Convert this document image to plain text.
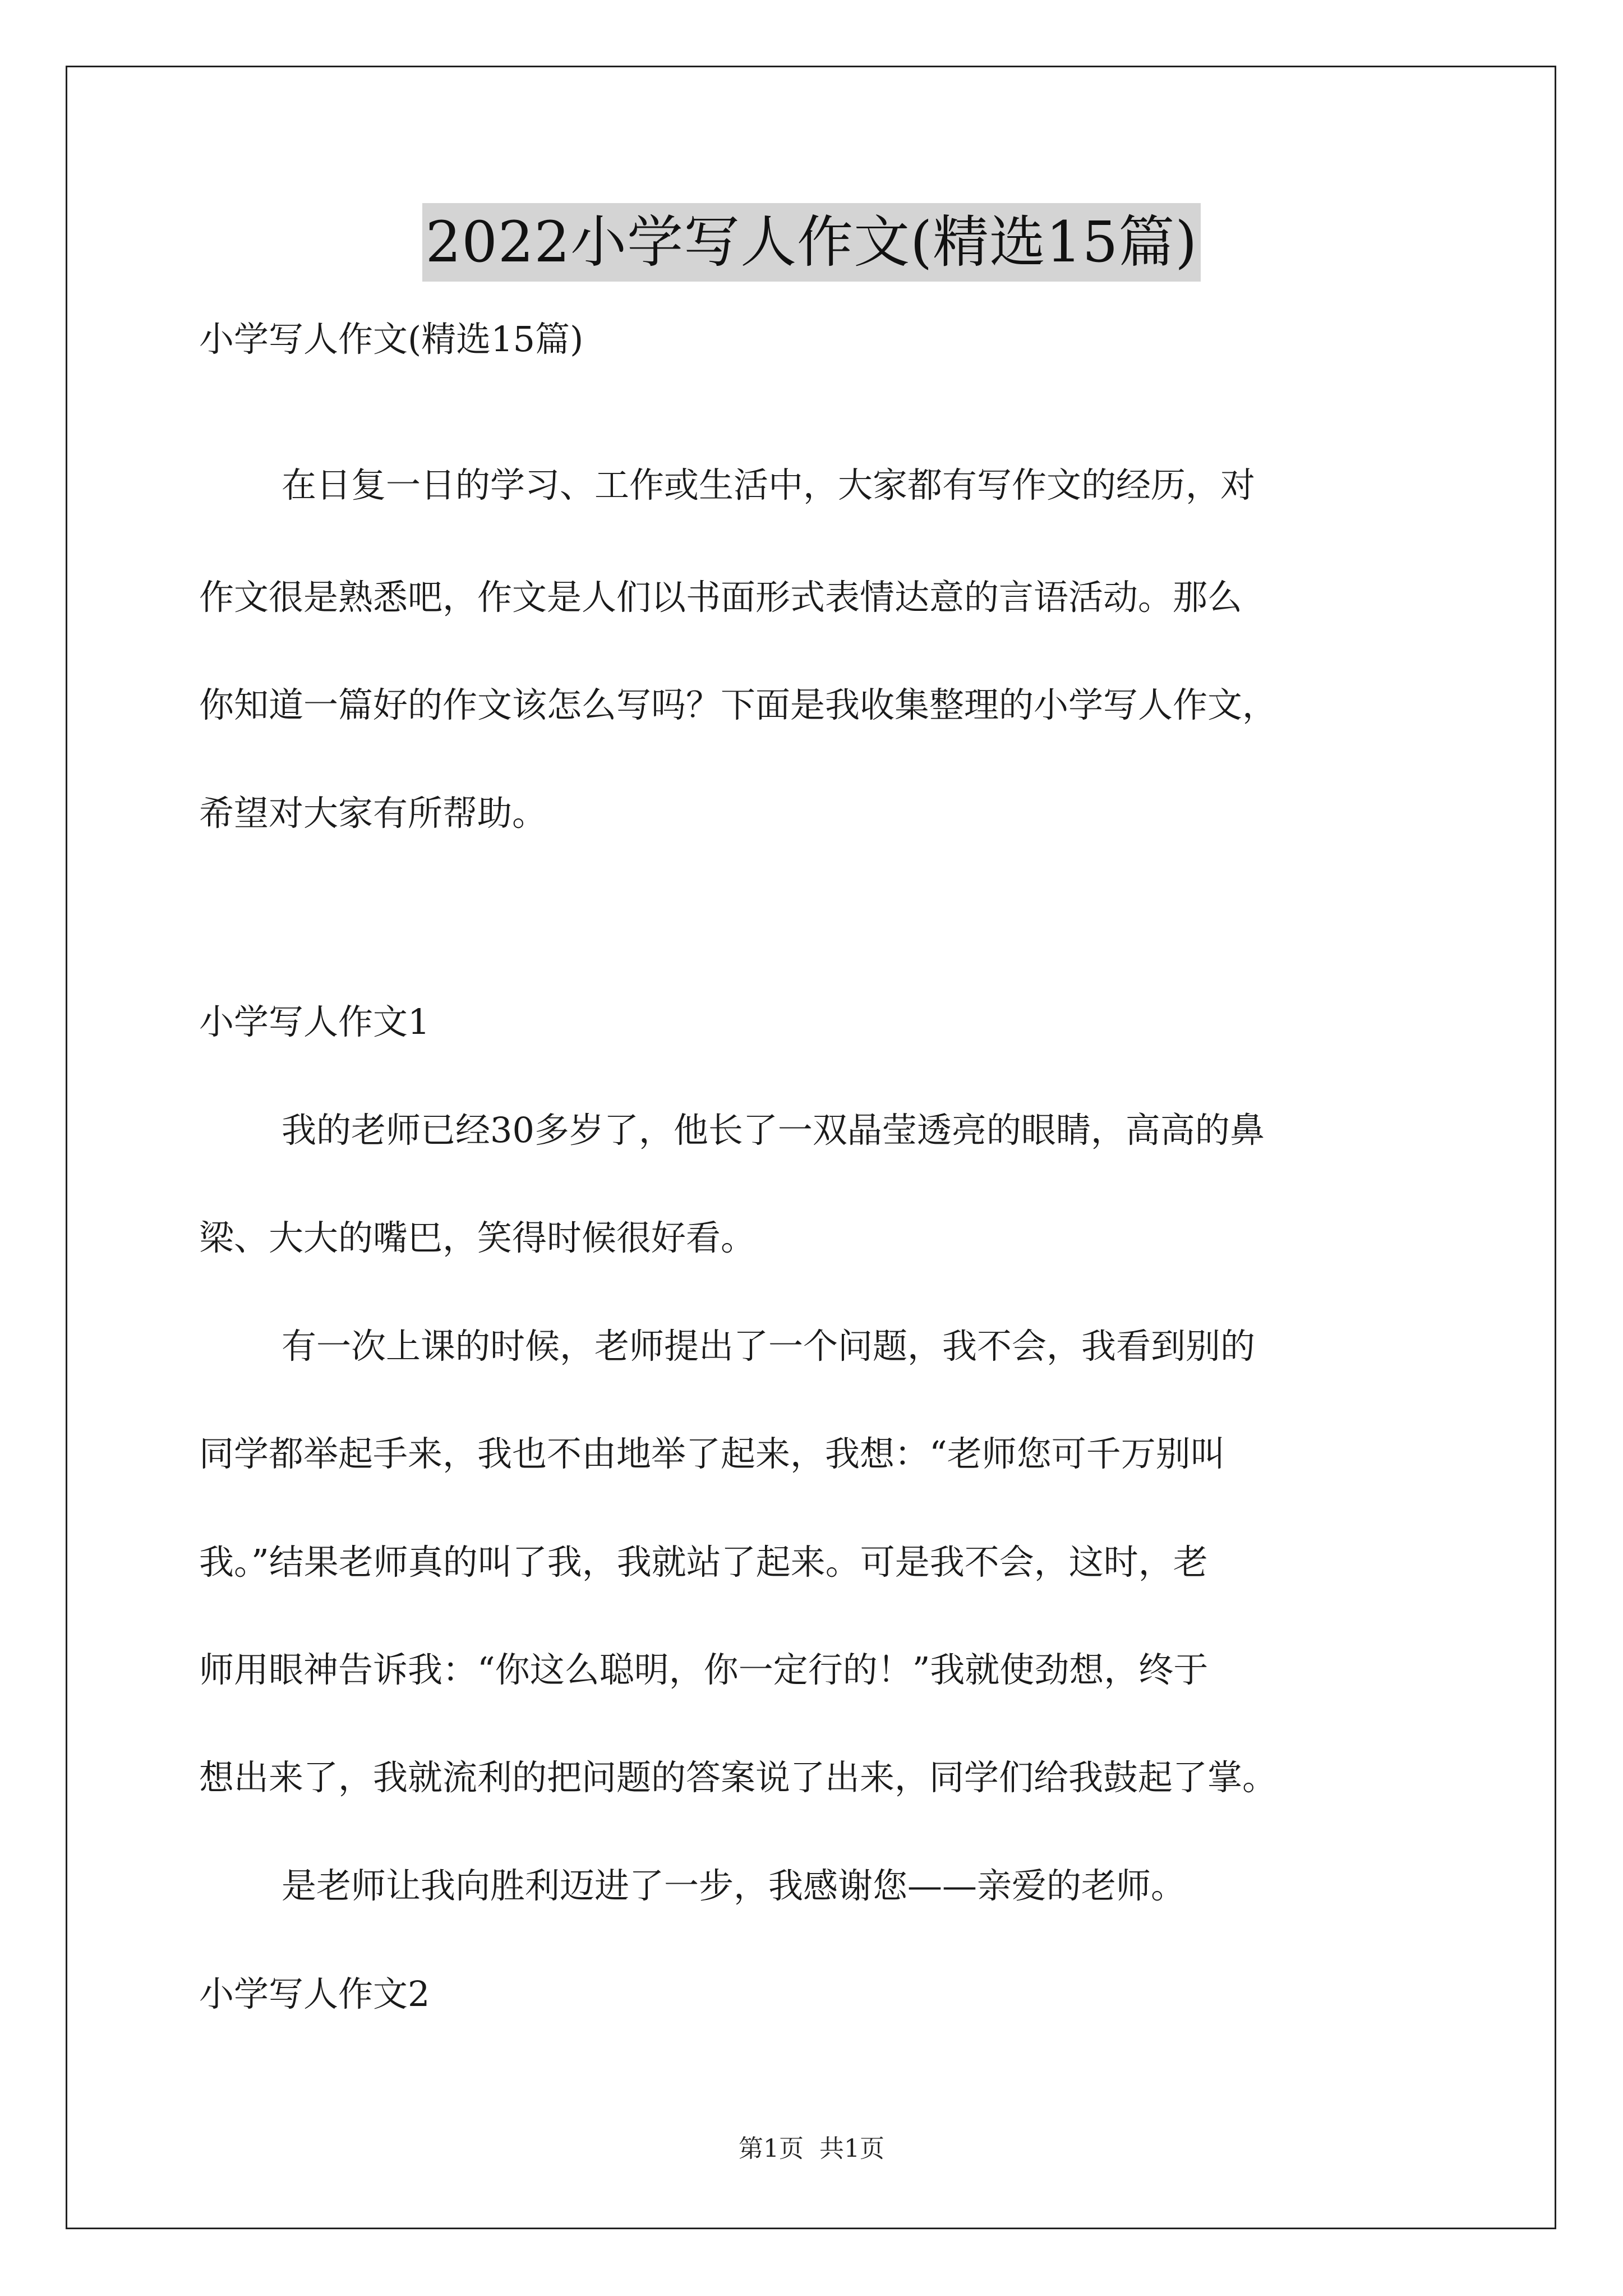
2022小学写人作文(精选15篇)
小学写人作文(精选15篇)
在日复一日的学习、工作或生活中，大家都有写作文的经历，对
作文很是熟悉吧，作文是人们以书面形式表情达意的言语活动。那么
你知道一篇好的作文该怎么写吗？下面是我收集整理的小学写人作文，
希望对大家有所帮助。
小学写人作文1
我的老师已经30多岁了，他长了一双晶莹透亮的眼睛，高高的鼻
梁、大大的嘴巴，笑得时候很好看。
有一次上课的时候，老师提出了一个问题，我不会，我看到别的
同学都举起手来，我也不由地举了起来，我想：“老师您可千万别叫
我。”结果老师真的叫了我，我就站了起来。可是我不会，这时，老
师用眼神告诉我：“你这么聪明，你一定行的！”我就使劲想，终于
想出来了，我就流利的把问题的答案说了出来，同学们给我鼓起了掌。
是老师让我向胜利迈进了一步，我感谢您——亲爱的老师。
小学写人作文2
第1页 共1页
